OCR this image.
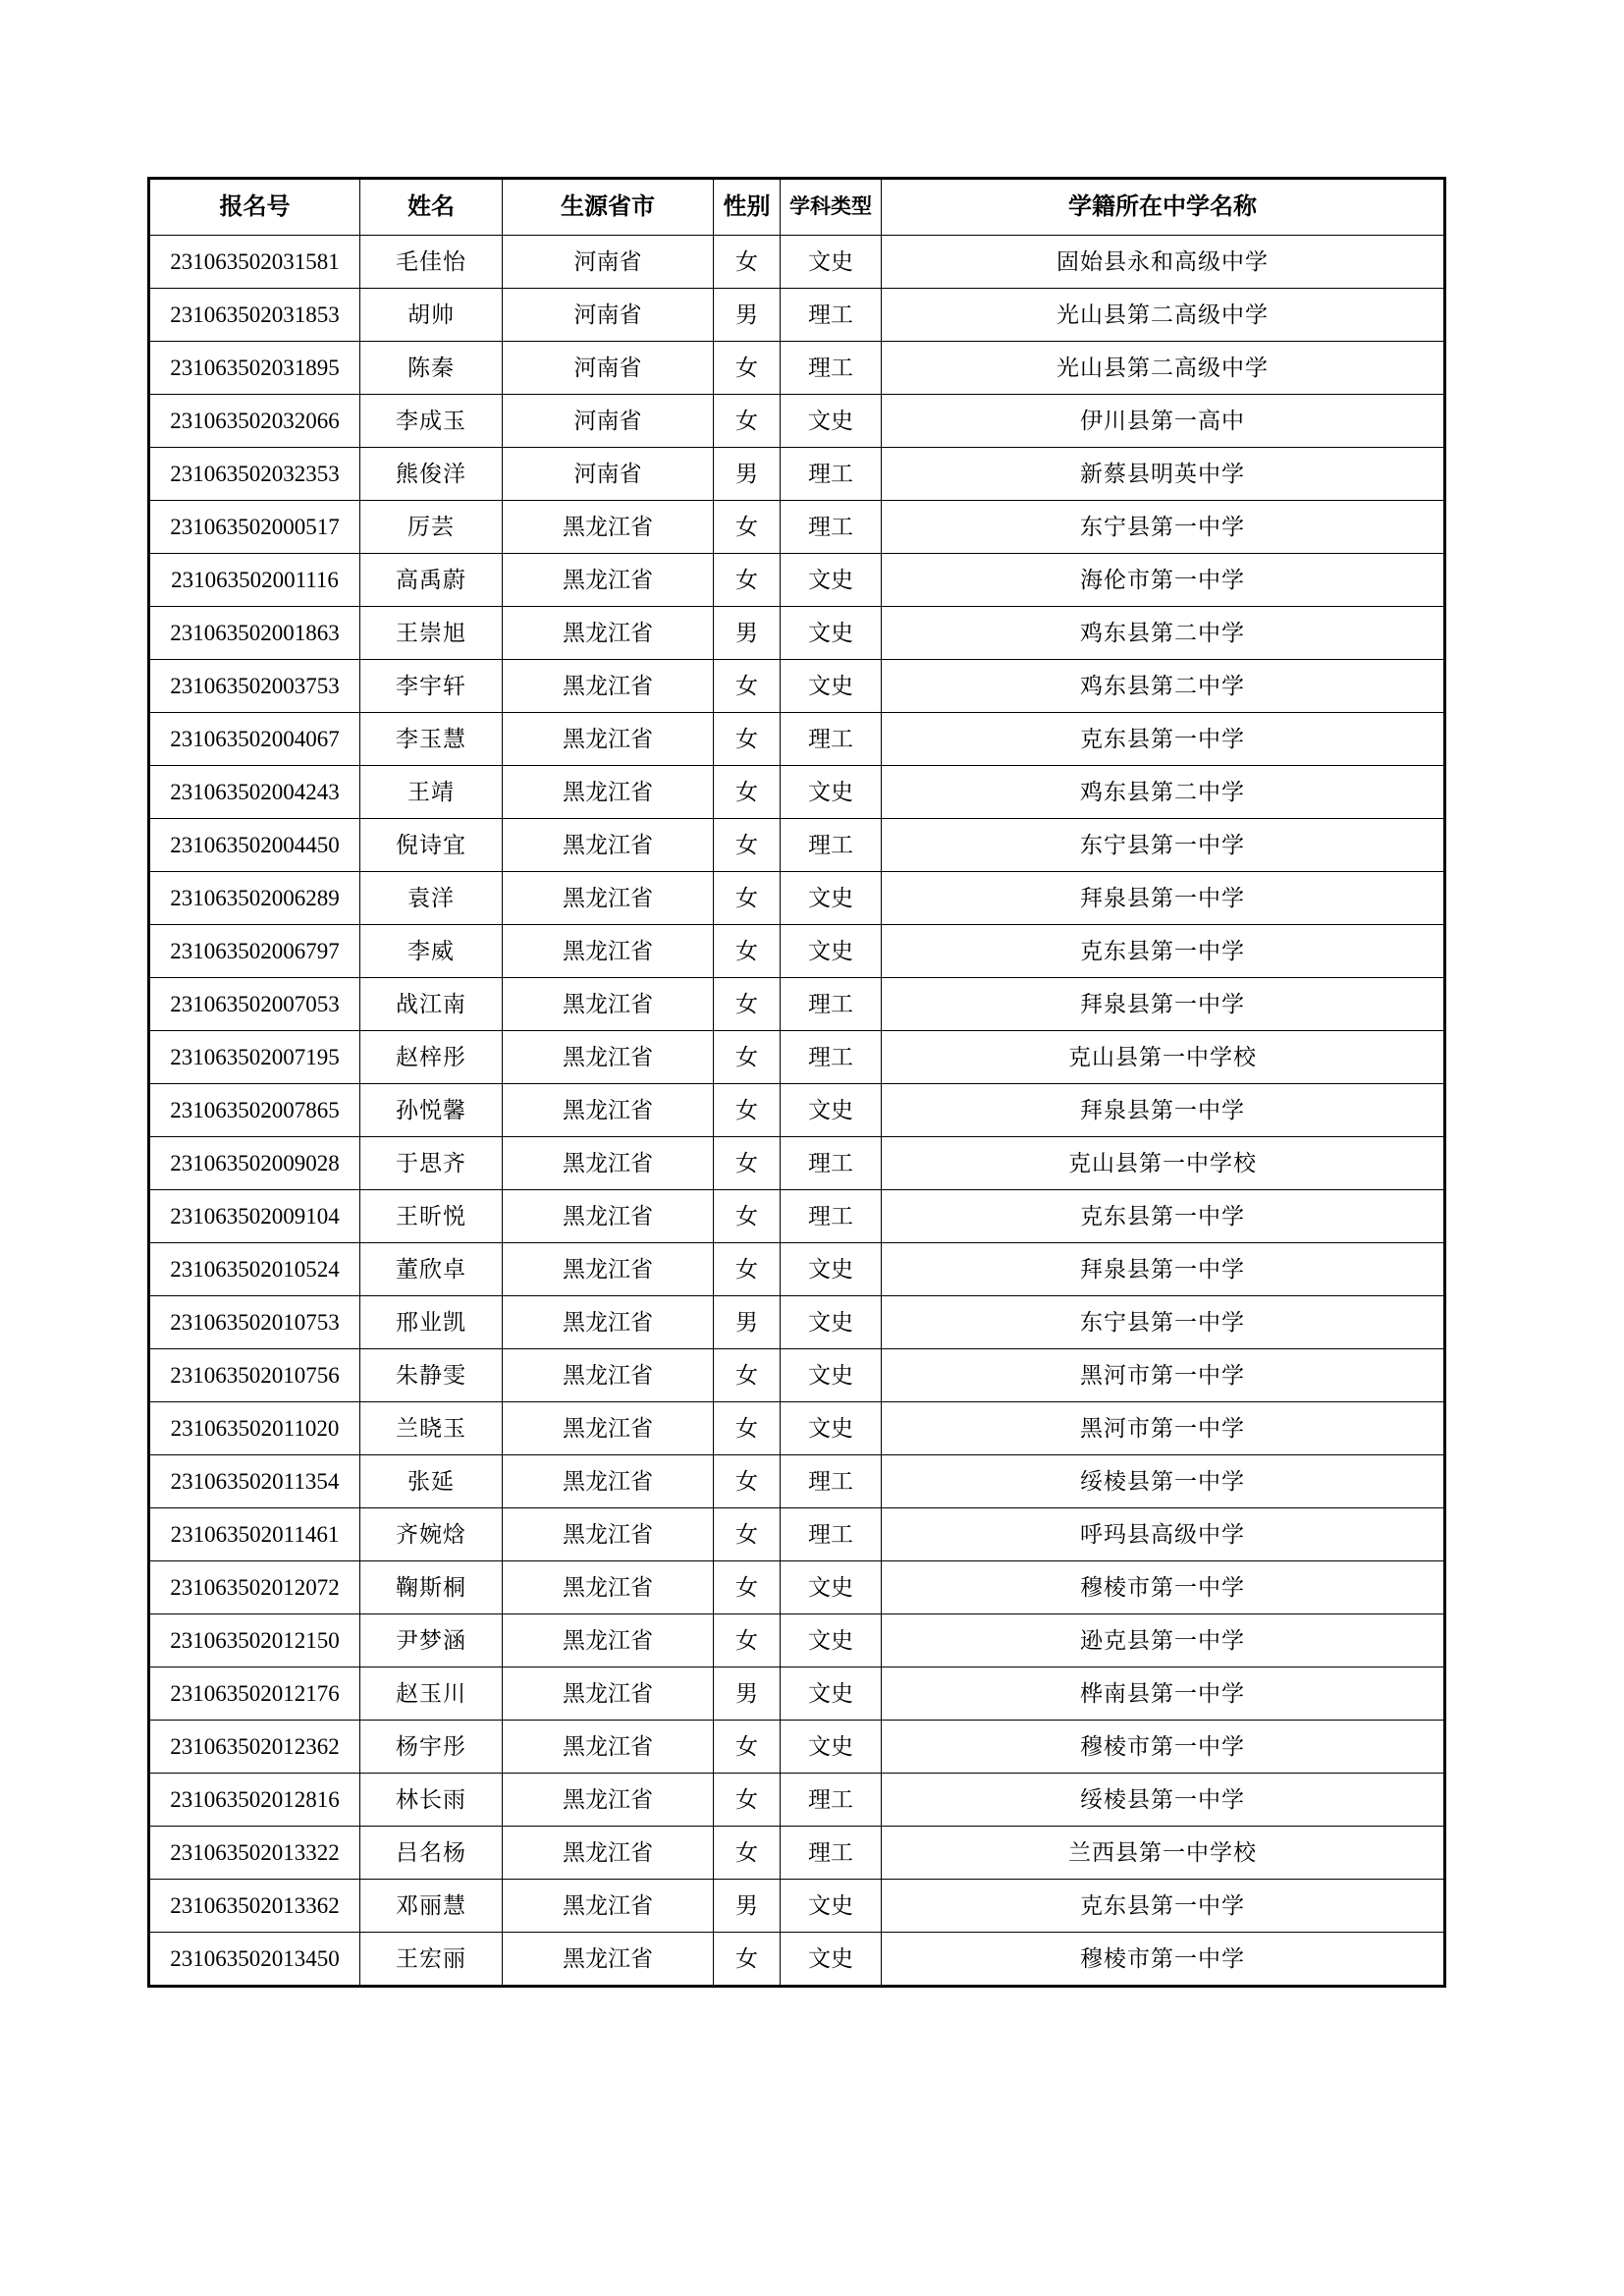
报名号	姓名	生源省市	性别	学科类型	学籍所在中学名称
231063502031581	毛佳怡	河南省	女	文史	固始县永和高级中学
231063502031853	胡帅	河南省	男	理工	光山县第二高级中学
231063502031895	陈秦	河南省	女	理工	光山县第二高级中学
231063502032066	李成玉	河南省	女	文史	伊川县第一高中
231063502032353	熊俊洋	河南省	男	理工	新蔡县明英中学
231063502000517	厉芸	黑龙江省	女	理工	东宁县第一中学
231063502001116	高禹蔚	黑龙江省	女	文史	海伦市第一中学
231063502001863	王崇旭	黑龙江省	男	文史	鸡东县第二中学
231063502003753	李宇轩	黑龙江省	女	文史	鸡东县第二中学
231063502004067	李玉慧	黑龙江省	女	理工	克东县第一中学
231063502004243	王靖	黑龙江省	女	文史	鸡东县第二中学
231063502004450	倪诗宜	黑龙江省	女	理工	东宁县第一中学
231063502006289	袁洋	黑龙江省	女	文史	拜泉县第一中学
231063502006797	李威	黑龙江省	女	文史	克东县第一中学
231063502007053	战江南	黑龙江省	女	理工	拜泉县第一中学
231063502007195	赵梓彤	黑龙江省	女	理工	克山县第一中学校
231063502007865	孙悦馨	黑龙江省	女	文史	拜泉县第一中学
231063502009028	于思齐	黑龙江省	女	理工	克山县第一中学校
231063502009104	王昕悦	黑龙江省	女	理工	克东县第一中学
231063502010524	董欣卓	黑龙江省	女	文史	拜泉县第一中学
231063502010753	邢业凯	黑龙江省	男	文史	东宁县第一中学
231063502010756	朱静雯	黑龙江省	女	文史	黑河市第一中学
231063502011020	兰晓玉	黑龙江省	女	文史	黑河市第一中学
231063502011354	张延	黑龙江省	女	理工	绥棱县第一中学
231063502011461	齐婉焓	黑龙江省	女	理工	呼玛县高级中学
231063502012072	鞠斯桐	黑龙江省	女	文史	穆棱市第一中学
231063502012150	尹梦涵	黑龙江省	女	文史	逊克县第一中学
231063502012176	赵玉川	黑龙江省	男	文史	桦南县第一中学
231063502012362	杨宇彤	黑龙江省	女	文史	穆棱市第一中学
231063502012816	林长雨	黑龙江省	女	理工	绥棱县第一中学
231063502013322	吕名杨	黑龙江省	女	理工	兰西县第一中学校
231063502013362	邓丽慧	黑龙江省	男	文史	克东县第一中学
231063502013450	王宏丽	黑龙江省	女	文史	穆棱市第一中学
